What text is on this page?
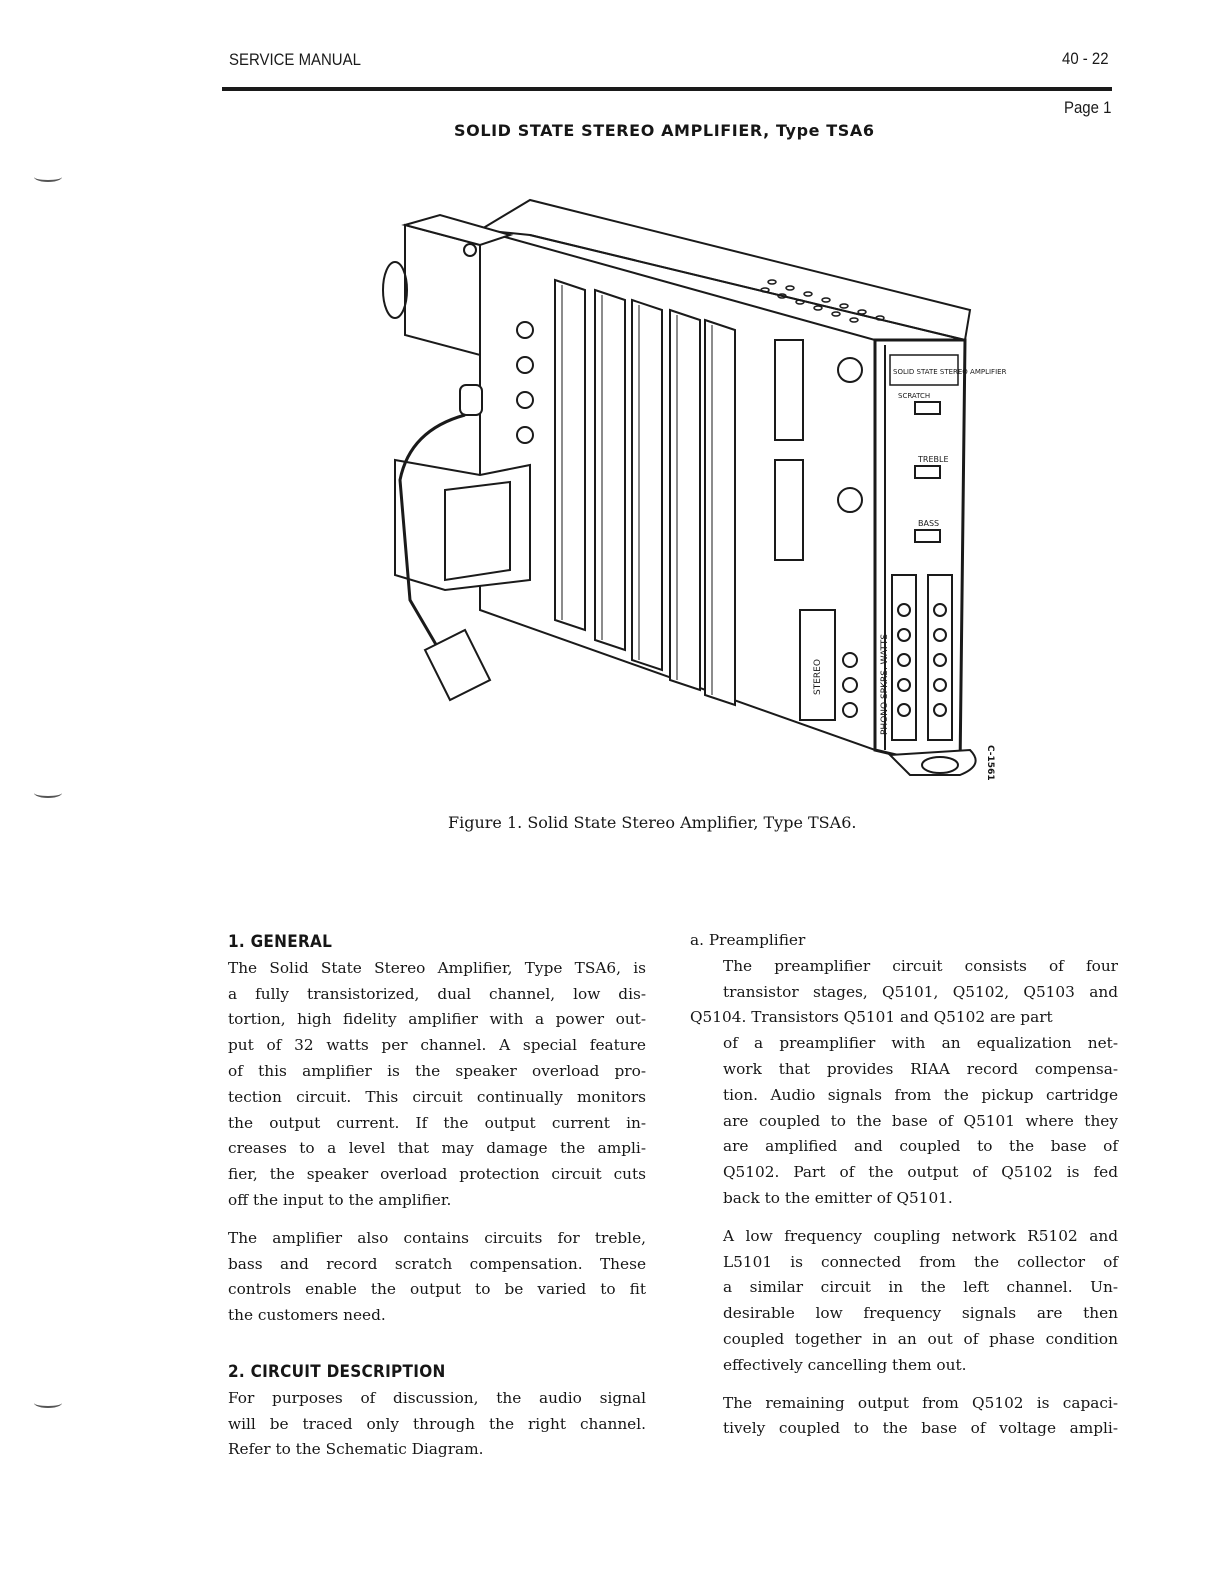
SERVICE MANUAL	40 - 22
Page 1
SOLID STATE STEREO AMPLIFIER, Type TSA6
SOLID STATE STEREO AMPLIFIER
SCRATCH
TREBLE
BASS
PHONO SPKRS. WATTS
STEREO
C-1561
Figure 1. Solid State Stereo Amplifier, Type TSA6.
1. GENERAL
The Solid State Stereo Amplifier, Type TSA6, is
a fully transistorized, dual channel, low dis-
tortion, high fidelity amplifier with a power out-
put of 32 watts per channel. A special feature
of this amplifier is the speaker overload pro-
tection circuit. This circuit continually monitors
the output current. If the output current in-
creases to a level that may damage the ampli-
fier, the speaker overload protection circuit cuts
off the input to the amplifier.
The amplifier also contains circuits for treble,
bass and record scratch compensation. These
controls enable the output to be varied to fit
the customers need.
2. CIRCUIT DESCRIPTION
For purposes of discussion, the audio signal
will be traced only through the right channel.
Refer to the Schematic Diagram.
a. Preamplifier
The preamplifier circuit consists of four
transistor stages, Q5101, Q5102, Q5103 and
Q5104. Transistors Q5101 and Q5102 are part
of a preamplifier with an equalization net-
work that provides RIAA record compensa-
tion. Audio signals from the pickup cartridge
are coupled to the base of Q5101 where they
are amplified and coupled to the base of
Q5102. Part of the output of Q5102 is fed
back to the emitter of Q5101.
A low frequency coupling network R5102 and
L5101 is connected from the collector of
a similar circuit in the left channel. Un-
desirable low frequency signals are then
coupled together in an out of phase condition
effectively cancelling them out.
The remaining output from Q5102 is capaci-
tively coupled to the base of voltage ampli-
